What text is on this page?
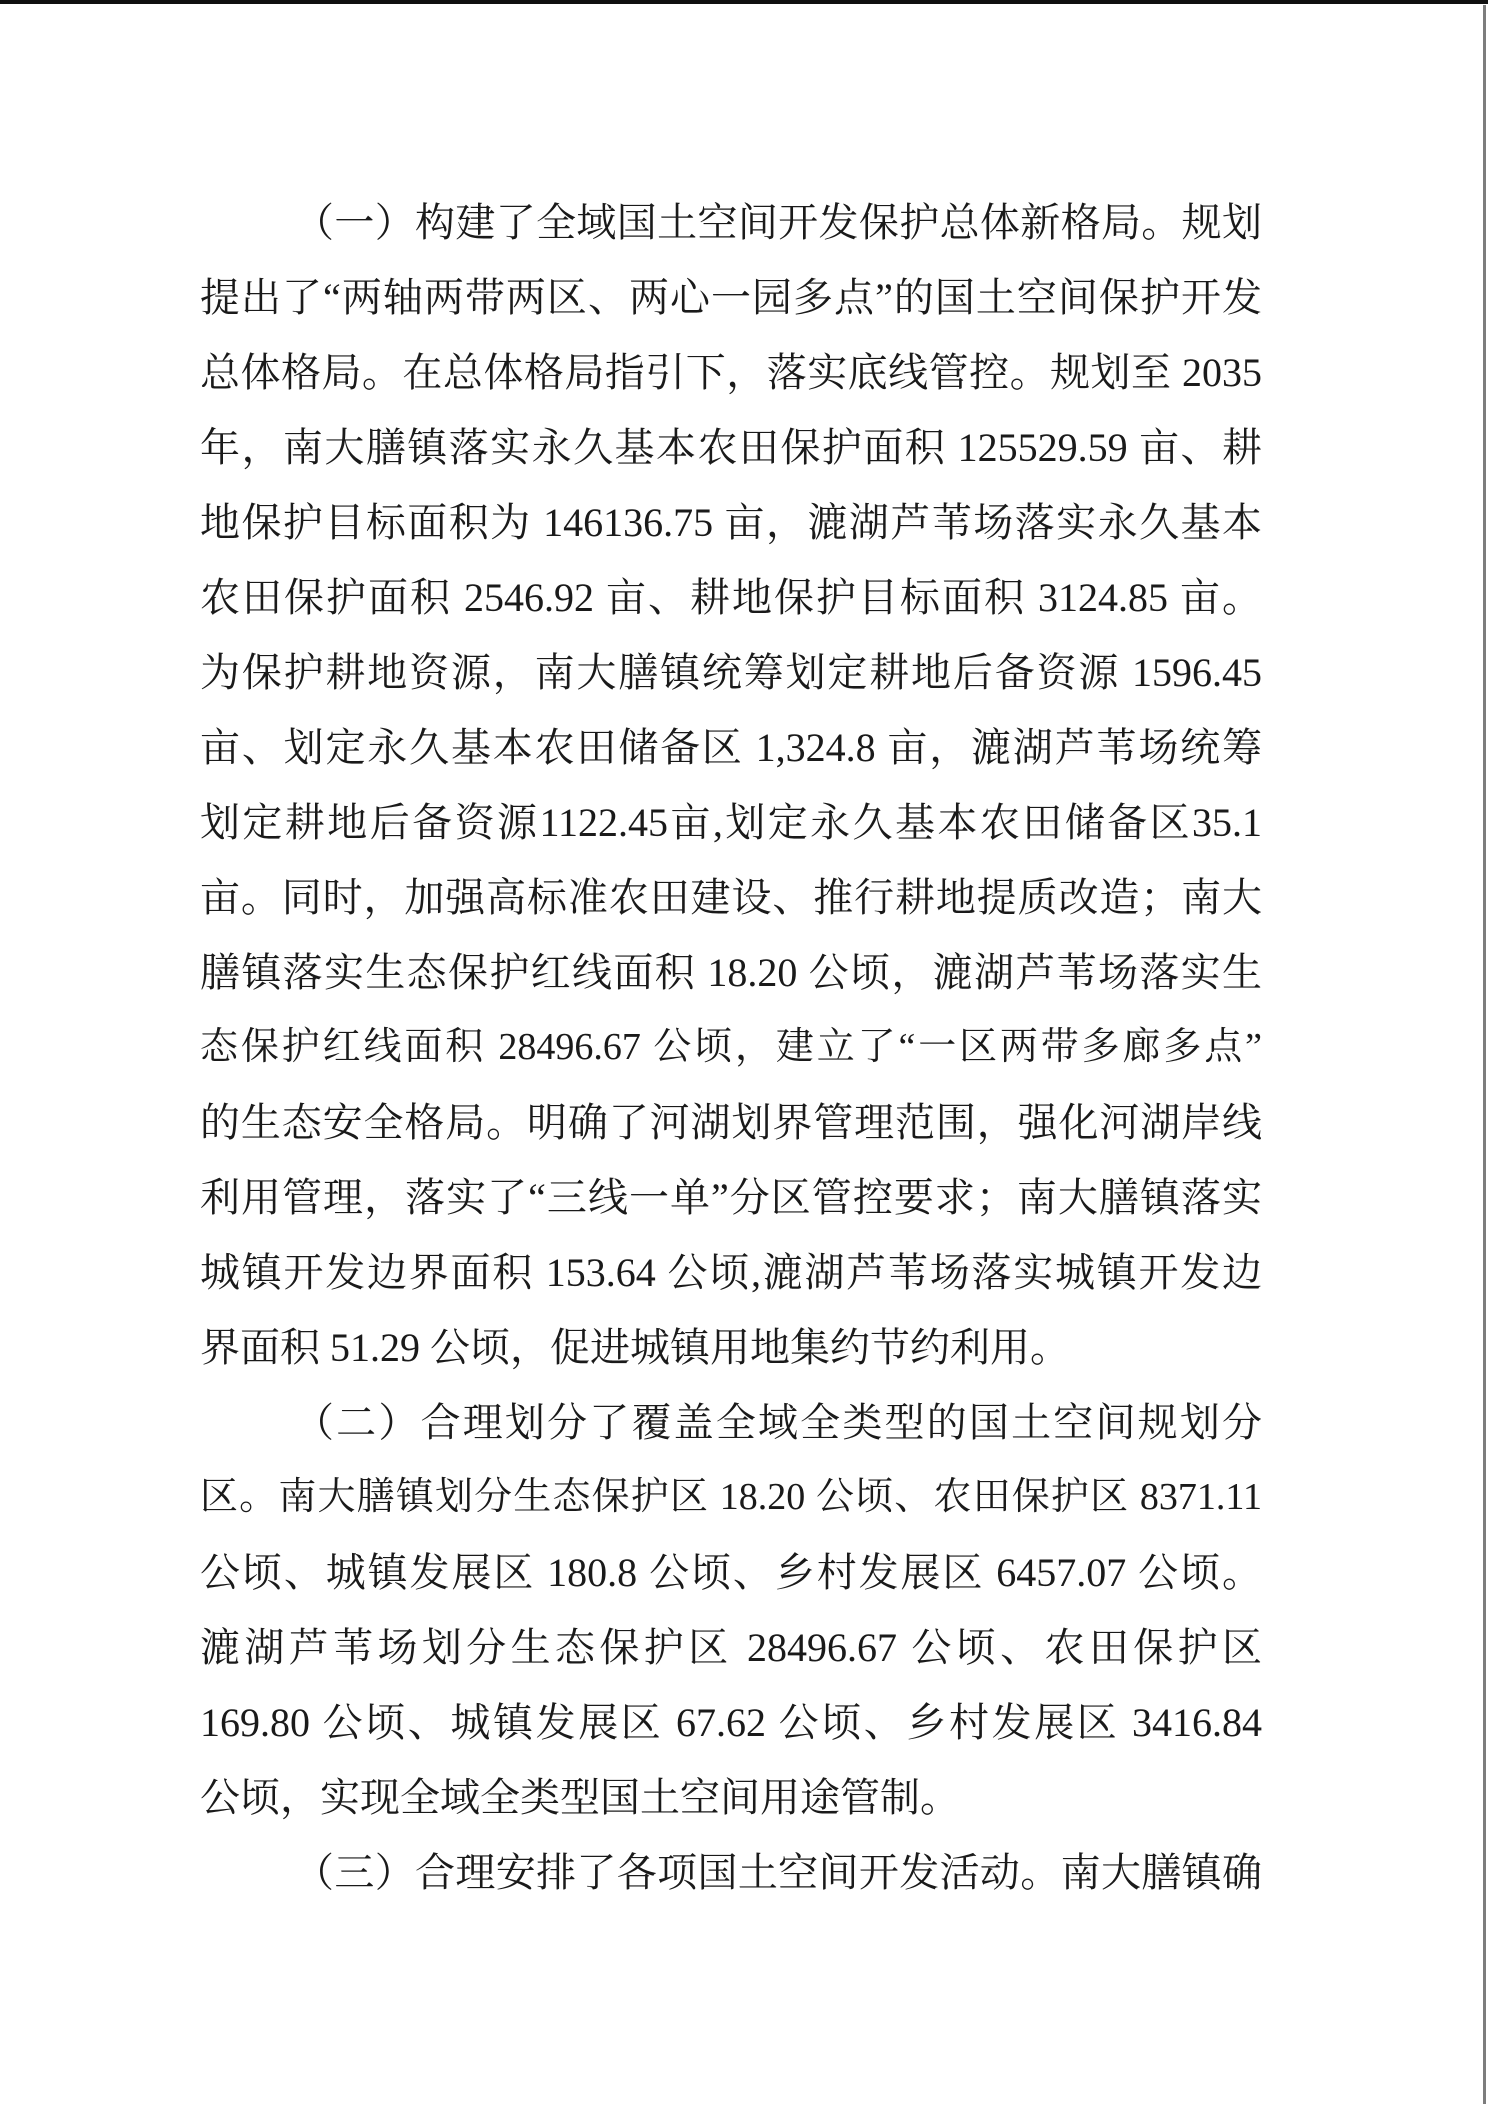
（一）构建了全域国土空间开发保护总体新格局。规划

提出了“两轴两带两区、两心一园多点”的国土空间保护开发

总体格局。在总体格局指引下，落实底线管控。规划至 2035

年，南大膳镇落实永久基本农田保护面积 125529.59 亩、耕

地保护目标面积为 146136.75 亩，漉湖芦苇场落实永久基本

农田保护面积 2546.92 亩、耕地保护目标面积 3124.85 亩。

为保护耕地资源，南大膳镇统筹划定耕地后备资源 1596.45

亩、划定永久基本农田储备区 1,324.8 亩，漉湖芦苇场统筹

划定耕地后备资源1122.45亩,划定永久基本农田储备区35.1

亩。同时，加强高标准农田建设、推行耕地提质改造；南大

膳镇落实生态保护红线面积 18.20 公顷，漉湖芦苇场落实生

态保护红线面积 28496.67 公顷，建立了“一区两带多廊多点”

的生态安全格局。明确了河湖划界管理范围，强化河湖岸线

利用管理，落实了“三线一单”分区管控要求；南大膳镇落实

城镇开发边界面积 153.64 公顷,漉湖芦苇场落实城镇开发边

界面积 51.29 公顷，促进城镇用地集约节约利用。

（二）合理划分了覆盖全域全类型的国土空间规划分

区。南大膳镇划分生态保护区 18.20 公顷、农田保护区 8371.11

公顷、城镇发展区 180.8 公顷、乡村发展区 6457.07 公顷。

漉湖芦苇场划分生态保护区 28496.67 公顷、农田保护区

169.80 公顷、城镇发展区 67.62 公顷、乡村发展区 3416.84

公顷，实现全域全类型国土空间用途管制。

（三）合理安排了各项国土空间开发活动。南大膳镇确
